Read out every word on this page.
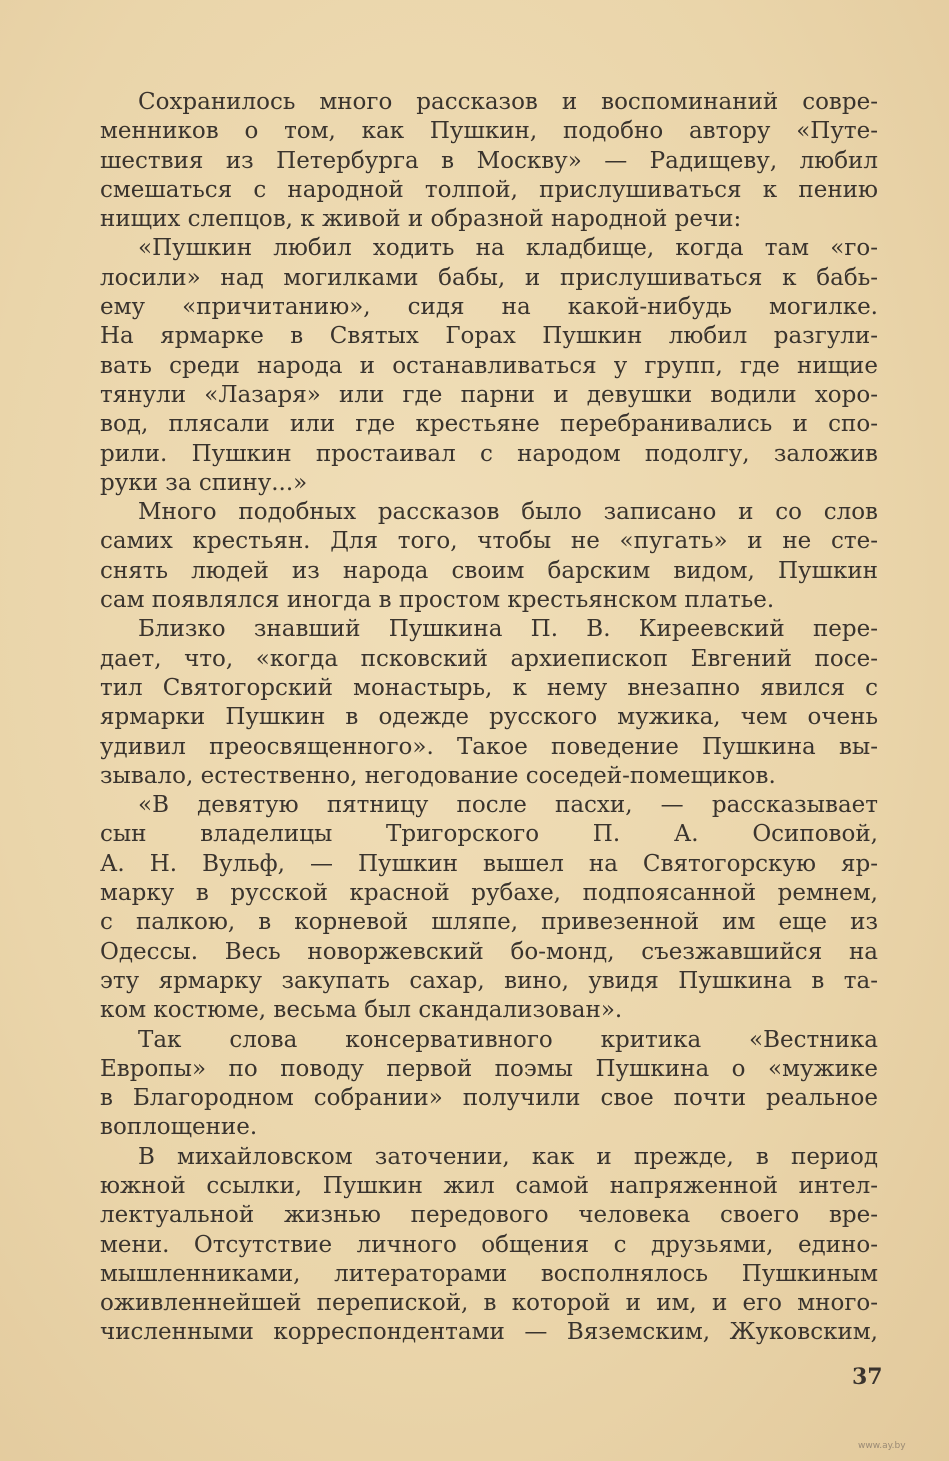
Сохранилось много рассказов и воспоминаний совре-
менников о том, как Пушкин, подобно автору «Путе-
шествия из Петербурга в Москву» — Радищеву, любил
смешаться с народной толпой, прислушиваться к пению
нищих слепцов, к живой и образной народной речи:
«Пушкин любил ходить на кладбище, когда там «го-
лосили» над могилками бабы, и прислушиваться к бабь-
ему «причитанию», сидя на какой-нибудь могилке.
На ярмарке в Святых Горах Пушкин любил разгули-
вать среди народа и останавливаться у групп, где нищие
тянули «Лазаря» или где парни и девушки водили хоро-
вод, плясали или где крестьяне перебранивались и спо-
рили. Пушкин простаивал с народом подолгу, заложив
руки за спину...»
Много подобных рассказов было записано и со слов
самих крестьян. Для того, чтобы не «пугать» и не сте-
снять людей из народа своим барским видом, Пушкин
сам появлялся иногда в простом крестьянском платье.
Близко знавший Пушкина П. В. Киреевский пере-
дает, что, «когда псковский архиепископ Евгений посе-
тил Святогорский монастырь, к нему внезапно явился с
ярмарки Пушкин в одежде русского мужика, чем очень
удивил преосвященного». Такое поведение Пушкина вы-
зывало, естественно, негодование соседей-помещиков.
«В девятую пятницу после пасхи, — рассказывает
сын владелицы Тригорского П. А. Осиповой,
А. Н. Вульф, — Пушкин вышел на Святогорскую яр-
марку в русской красной рубахе, подпоясанной ремнем,
с палкою, в корневой шляпе, привезенной им еще из
Одессы. Весь новоржевский бо-монд, съезжавшийся на
эту ярмарку закупать сахар, вино, увидя Пушкина в та-
ком костюме, весьма был скандализован».
Так слова консервативного критика «Вестника
Европы» по поводу первой поэмы Пушкина о «мужике
в Благородном собрании» получили свое почти реальное
воплощение.
В михайловском заточении, как и прежде, в период
южной ссылки, Пушкин жил самой напряженной интел-
лектуальной жизнью передового человека своего вре-
мени. Отсутствие личного общения с друзьями, едино-
мышленниками, литераторами восполнялось Пушкиным
оживленнейшей перепиской, в которой и им, и его много-
численными корреспондентами — Вяземским, Жуковским,
37
www.ay.by
